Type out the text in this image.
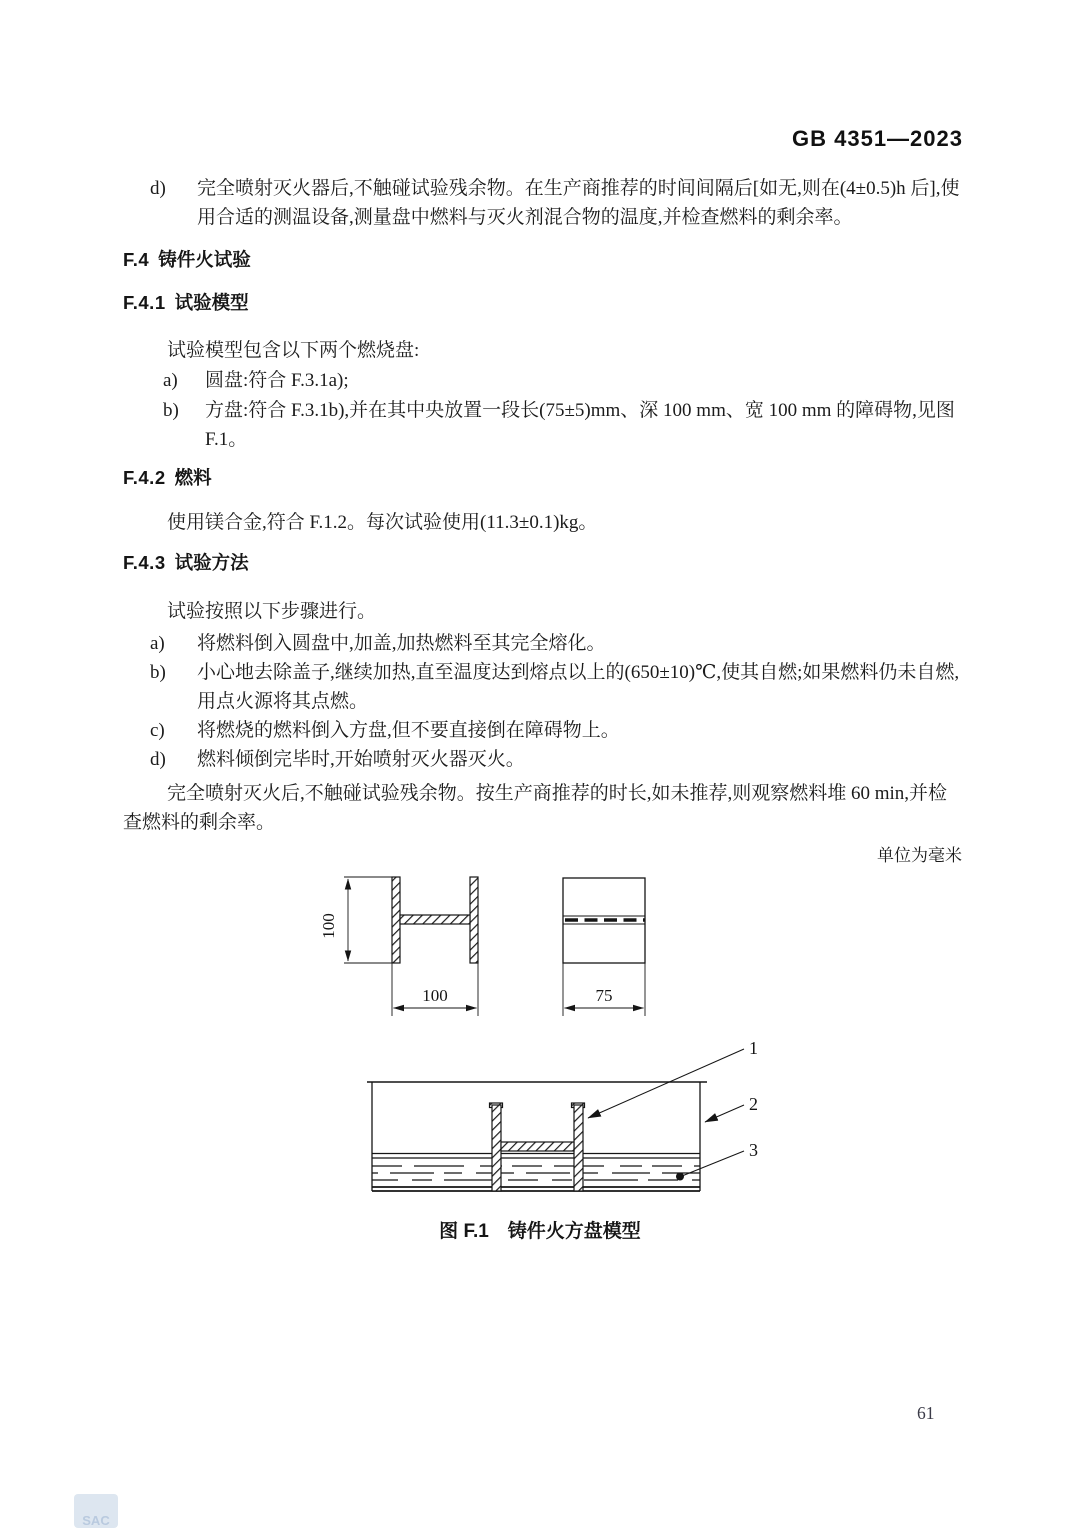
GB 4351—2023
d)	完全喷射灭火器后,不触碰试验残余物。在生产商推荐的时间间隔后[如无,则在(4±0.5)h 后],使用合适的测温设备,测量盘中燃料与灭火剂混合物的温度,并检查燃料的剩余率。
F.4 铸件火试验
F.4.1 试验模型
试验模型包含以下两个燃烧盘:
a)	圆盘:符合 F.3.1a);
b)	方盘:符合 F.3.1b),并在其中央放置一段长(75±5)mm、深 100 mm、宽 100 mm 的障碍物,见图 F.1。
F.4.2 燃料
使用镁合金,符合 F.1.2。每次试验使用(11.3±0.1)kg。
F.4.3 试验方法
试验按照以下步骤进行。
a)	将燃料倒入圆盘中,加盖,加热燃料至其完全熔化。
b)	小心地去除盖子,继续加热,直至温度达到熔点以上的(650±10)℃,使其自燃;如果燃料仍未自燃,用点火源将其点燃。
c)	将燃烧的燃料倒入方盘,但不要直接倒在障碍物上。
d)	燃料倾倒完毕时,开始喷射灭火器灭火。
完全喷射灭火后,不触碰试验残余物。按生产商推荐的时长,如未推荐,则观察燃料堆 60 min,并检查燃料的剩余率。
单位为毫米
100
100	75
1
2
3
图 F.1　铸件火方盘模型
61
SAC
